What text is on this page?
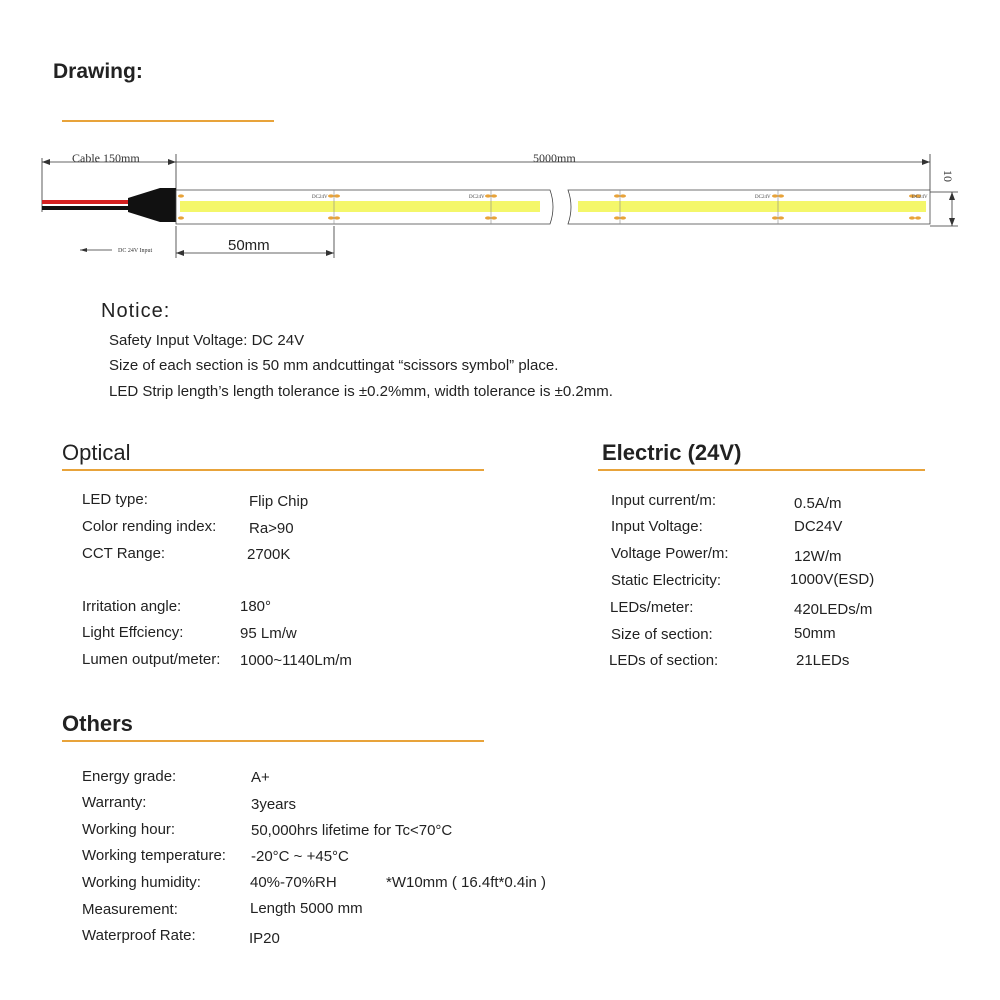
Drawing:
Cable 150mm	5000mm
10
DC24V	DC24V	DC24V	DC24V
50mm
DC 24V Input
Notice:
Safety Input Voltage: DC 24V
Size of each section is 50 mm andcuttingat “scissors symbol” place.
LED Strip length’s length tolerance is ±0.2%mm, width tolerance is ±0.2mm.
Optical
LED type:	Flip Chip
Color rending index: Ra>90
CCT Range:	2700K
Irritation angle:	180°
Light Effciency:	95 Lm/w
Lumen output/meter: 1000~1140Lm/m
Electric (24V)
Input current/m:	0.5A/m
Input Voltage:	DC24V
Voltage Power/m:	12W/m
Static Electricity:	1000V(ESD)
LEDs/meter:	420LEDs/m
Size of section:	50mm
LEDs of section:	21LEDs
Others
Energy grade:	A+
Warranty:	3years
Working hour:	50,000hrs lifetime for Tc<70°C
Working temperature: -20°C ~ +45°C
Working humidity:	40%-70%RH	*W10mm ( 16.4ft*0.4in )
Measurement:	Length 5000 mm
Waterproof Rate:	IP20
